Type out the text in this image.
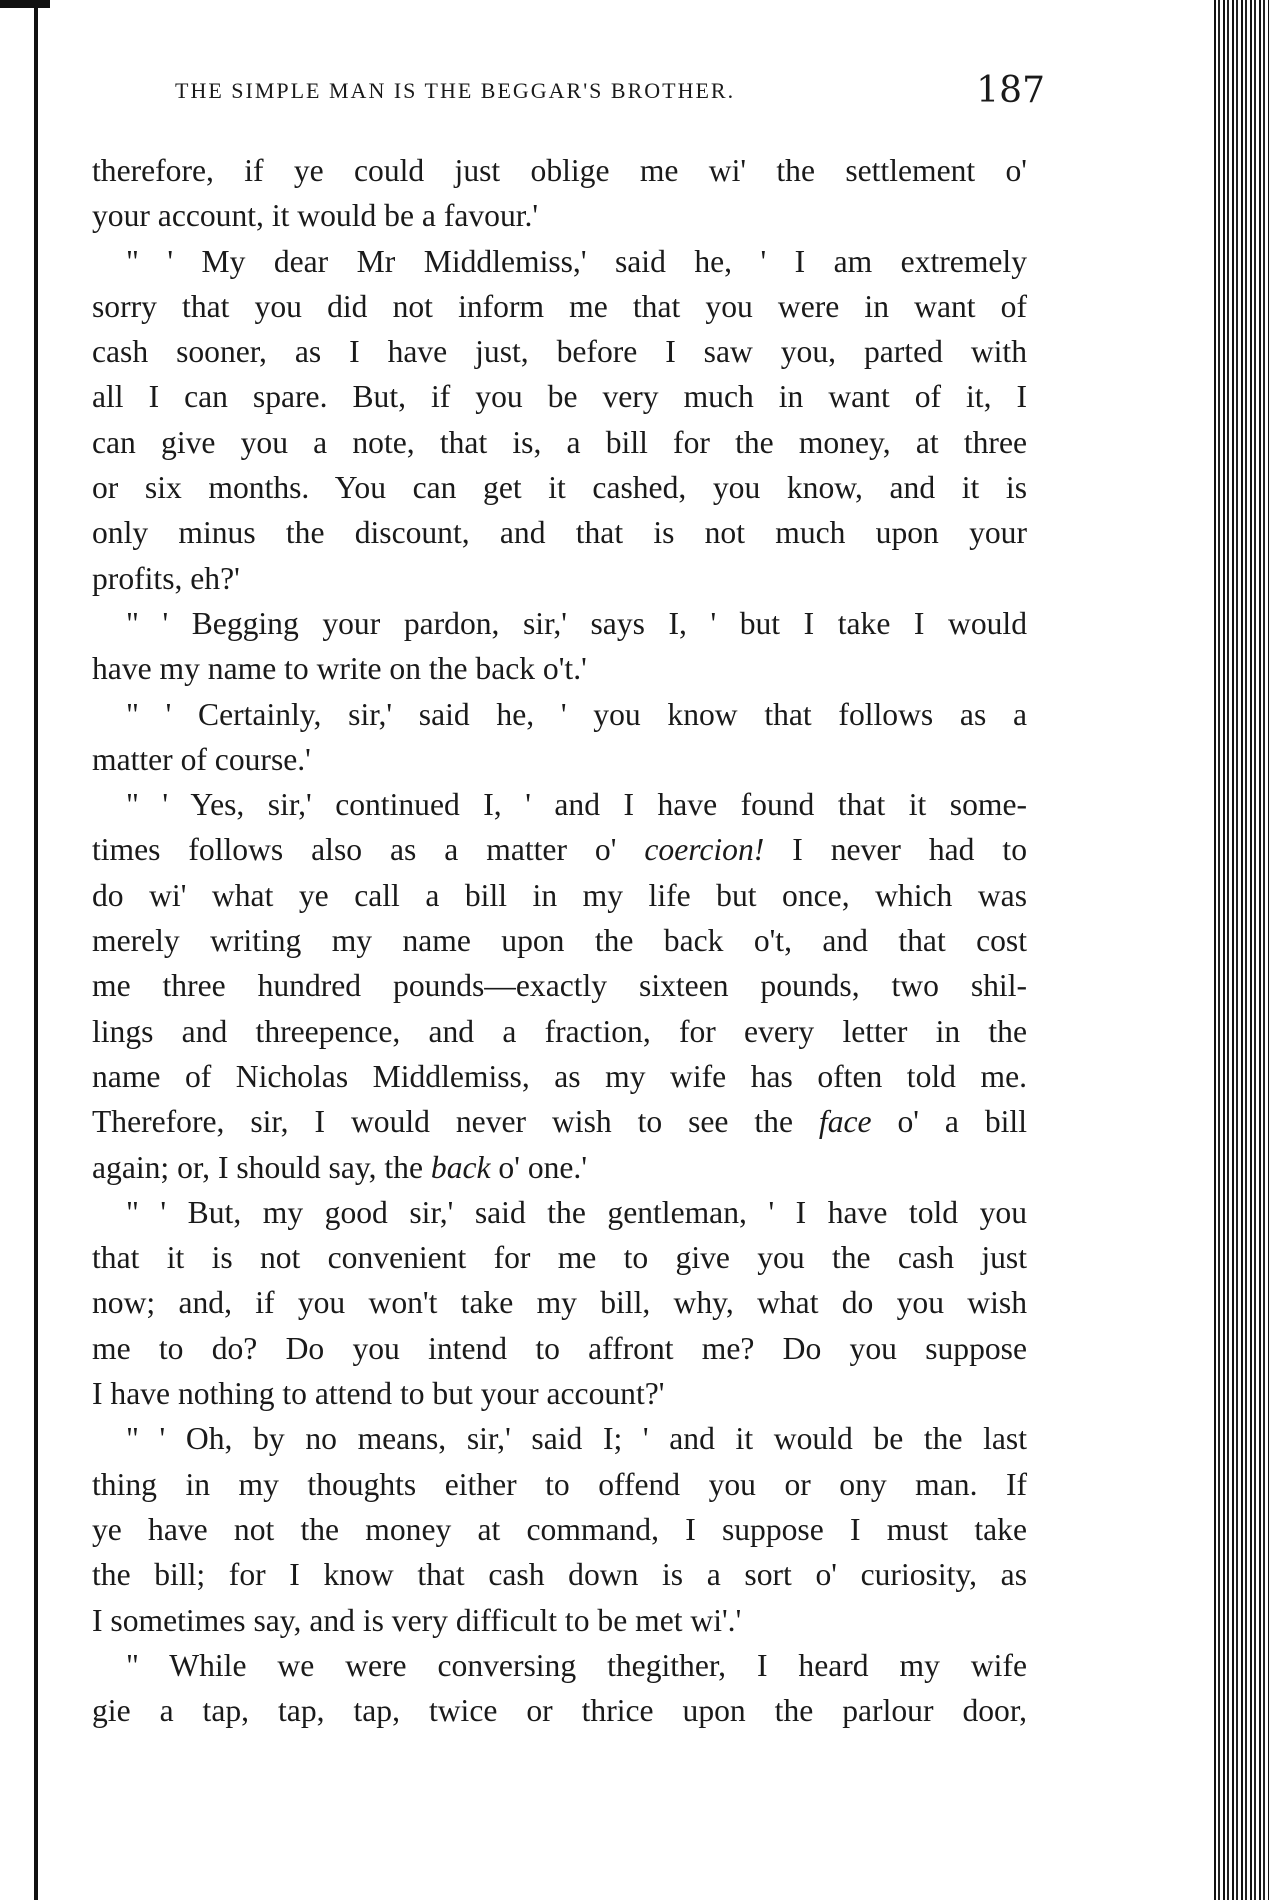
THE SIMPLE MAN IS THE BEGGAR'S BROTHER.	187
therefore, if ye could just oblige me wi' the settlement o'
your account, it would be a favour.'
" ' My dear Mr Middlemiss,' said he, ' I am extremely
sorry that you did not inform me that you were in want of
cash sooner, as I have just, before I saw you, parted with
all I can spare. But, if you be very much in want of it, I
can give you a note, that is, a bill for the money, at three
or six months. You can get it cashed, you know, and it is
only minus the discount, and that is not much upon your
profits, eh?'
" ' Begging your pardon, sir,' says I, ' but I take I would
have my name to write on the back o't.'
" ' Certainly, sir,' said he, ' you know that follows as a
matter of course.'
" ' Yes, sir,' continued I, ' and I have found that it some-
times follows also as a matter o' coercion! I never had to
do wi' what ye call a bill in my life but once, which was
merely writing my name upon the back o't, and that cost
me three hundred pounds—exactly sixteen pounds, two shil-
lings and threepence, and a fraction, for every letter in the
name of Nicholas Middlemiss, as my wife has often told me.
Therefore, sir, I would never wish to see the face o' a bill
again; or, I should say, the back o' one.'
" ' But, my good sir,' said the gentleman, ' I have told you
that it is not convenient for me to give you the cash just
now; and, if you won't take my bill, why, what do you wish
me to do? Do you intend to affront me? Do you suppose
I have nothing to attend to but your account?'
" ' Oh, by no means, sir,' said I; ' and it would be the last
thing in my thoughts either to offend you or ony man. If
ye have not the money at command, I suppose I must take
the bill; for I know that cash down is a sort o' curiosity, as
I sometimes say, and is very difficult to be met wi'.'
" While we were conversing thegither, I heard my wife
gie a tap, tap, tap, twice or thrice upon the parlour door,
